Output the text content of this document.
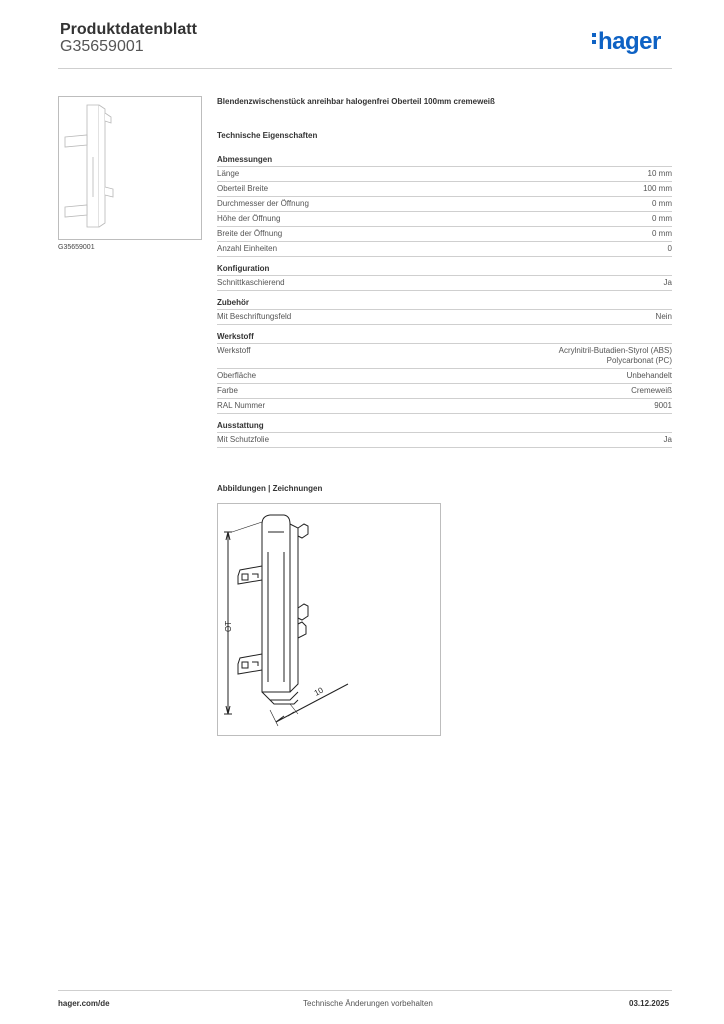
Produktdatenblatt
G35659001	hager
G35659001
Blendenzwischenstück anreihbar halogenfrei Oberteil 100mm cremeweiß
Technische Eigenschaften
Abmessungen
Länge	10 mm
Oberteil Breite	100 mm
Durchmesser der Öffnung	0 mm
Höhe der Öffnung	0 mm
Breite der Öffnung	0 mm
Anzahl Einheiten	0
Konfiguration
Schnittkaschierend	Ja
Zubehör
Mit Beschriftungsfeld	Nein
Werkstoff
Werkstoff	Acrylnitril-Butadien-Styrol (ABS)
Polycarbonat (PC)
Oberfläche	Unbehandelt
Farbe	Cremeweiß
RAL Nummer	9001
Ausstattung
Mit Schutzfolie	Ja
Abbildungen | Zeichnungen
OT
10
hager.com/de	Technische Änderungen vorbehalten	03.12.2025
